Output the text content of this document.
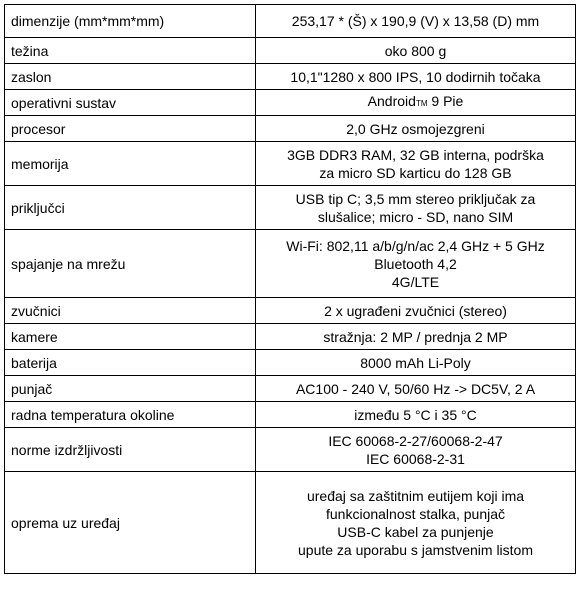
dimenzije (mm*mm*mm)	253,17 * (Š) x 190,9 (V) x 13,58 (D) mm

težina	oko 800 g

zaslon	10,1"1280 x 800 IPS, 10 dodirnih točaka

operativni sustav	AndroidTM 9 Pie
procesor	2,0 GHz osmojezgreni

memorija	3GB DDR3 RAM, 32 GB interna, podrška
za micro SD karticu do 128 GB

priključci	USB tip C; 3,5 mm stereo priključak za
slušalice; micro - SD, nano SIM

spajanje na mrežu	Wi-Fi: 802,11 a/b/g/n/ac 2,4 GHz + 5 GHz
Bluetooth 4,2
4G/LTE

zvučnici	2 x ugrađeni zvučnici (stereo)

kamere	stražnja: 2 MP / prednja 2 MP

baterija	8000 mAh Li-Poly

punjač	AC100 - 240 V, 50/60 Hz -> DC5V, 2 A

radna temperatura okoline	između 5 °C i 35 °C

norme izdržljivosti	IEC 60068-2-27/60068-2-47
IEC 60068-2-31

oprema uz uređaj	uređaj sa zaštitnim eutijem koji ima
funkcionalnost stalka, punjač
USB-C kabel za punjenje
upute za uporabu s jamstvenim listom
